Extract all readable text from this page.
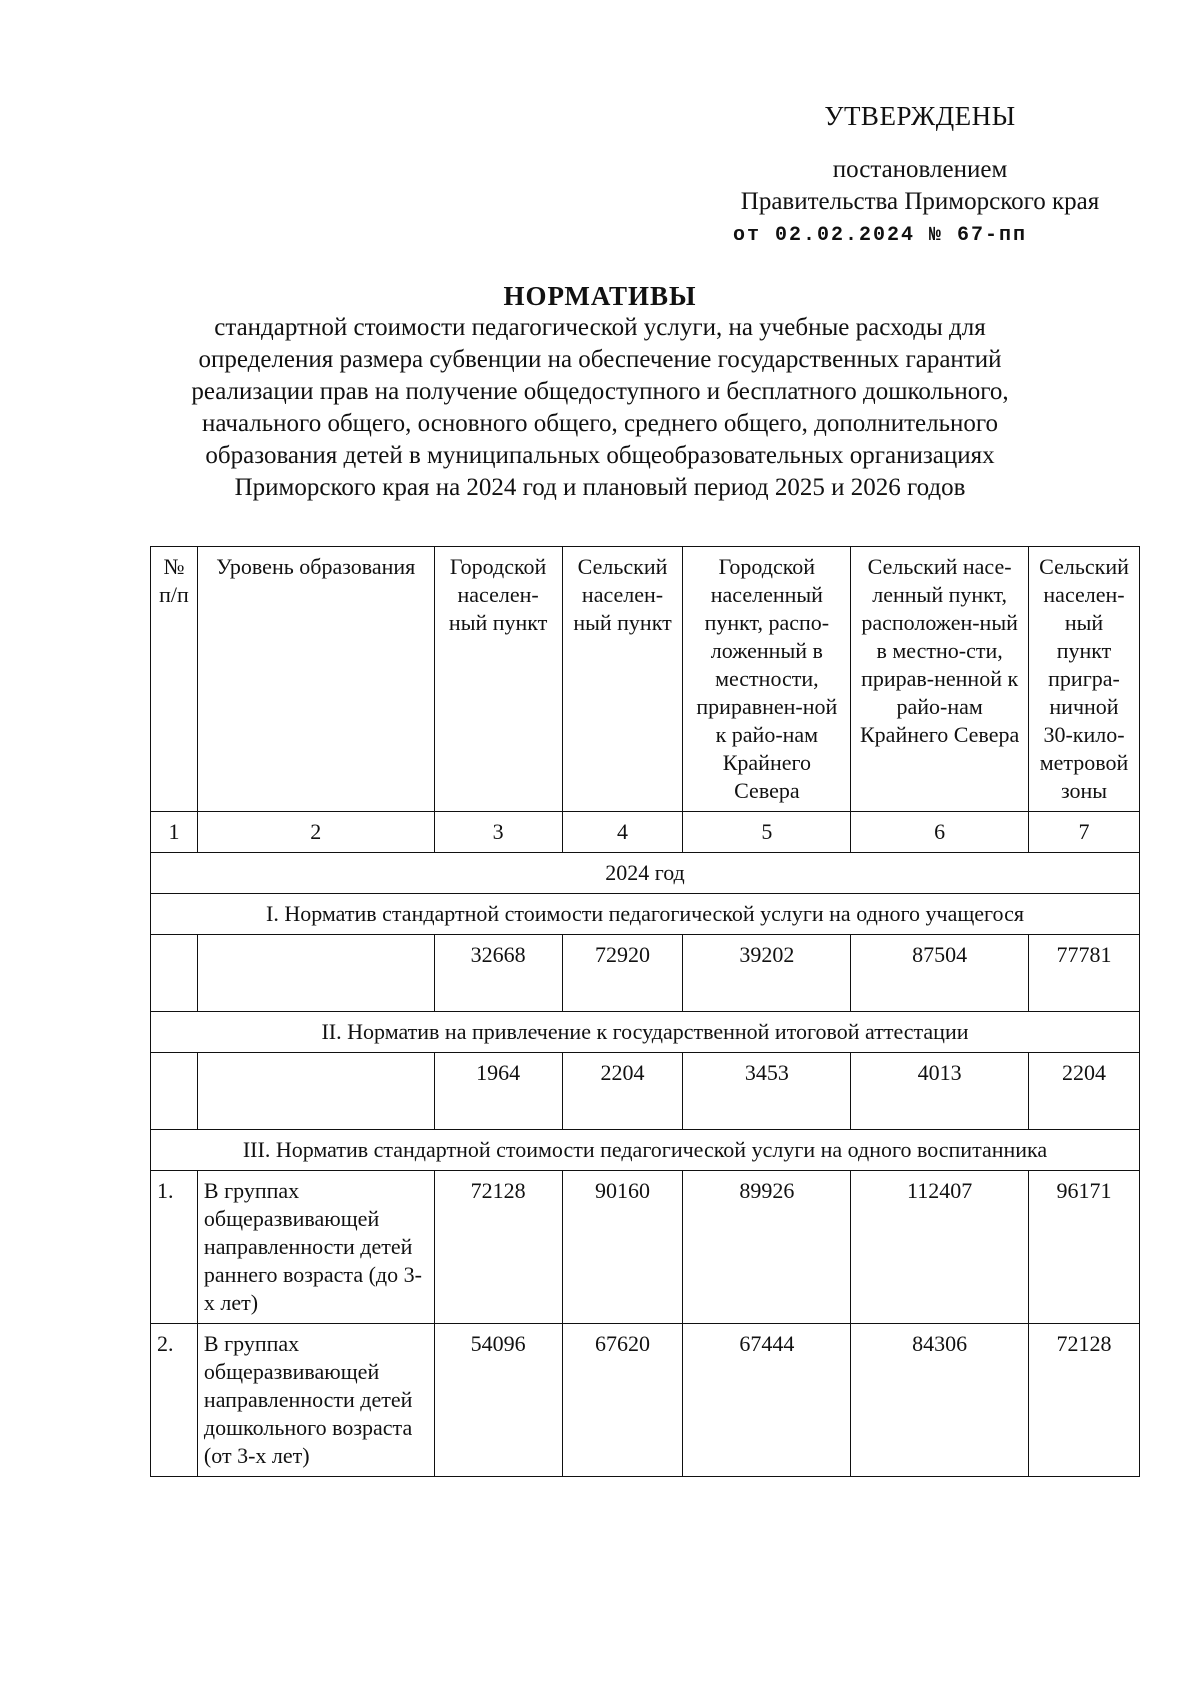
УТВЕРЖДЕНЫ
постановлением
Правительства Приморского края
от 02.02.2024 № 67-пп
НОРМАТИВЫ
стандартной стоимости педагогической услуги, на учебные расходы для
определения размера субвенции на обеспечение государственных гарантий
реализации прав на получение общедоступного и бесплатного дошкольного,
начального общего, основного общего, среднего общего, дополнительного
образования детей в муниципальных общеобразовательных организациях
Приморского края на 2024 год и плановый период 2025 и 2026 годов
№ п/п	Уровень образования	Городской населен-ный пункт	Сельский населен-ный пункт	Городской населенный пункт, распо-ложенный в местности, приравнен-ной к райо-нам Крайнего Севера	Сельский насе-ленный пункт, расположен-ный в местно-сти, прирав-ненной к райо-нам Крайнего Севера	Сельский населен-ный пункт пригра-ничной 30-кило-метровой зоны
1	2	3	4	5	6	7
2024 год						
I. Норматив стандартной стоимости педагогической услуги на одного учащегося						
		32668	72920	39202	87504	77781
II. Норматив на привлечение к государственной итоговой аттестации						
		1964	2204	3453	4013	2204
III. Норматив стандартной стоимости педагогической услуги на одного воспитанника						
1.	В группах общеразвивающей направленности детей раннего возраста (до 3-х лет)	72128	90160	89926	112407	96171
2.	В группах общеразвивающей направленности детей дошкольного возраста (от 3-х лет)	54096	67620	67444	84306	72128
